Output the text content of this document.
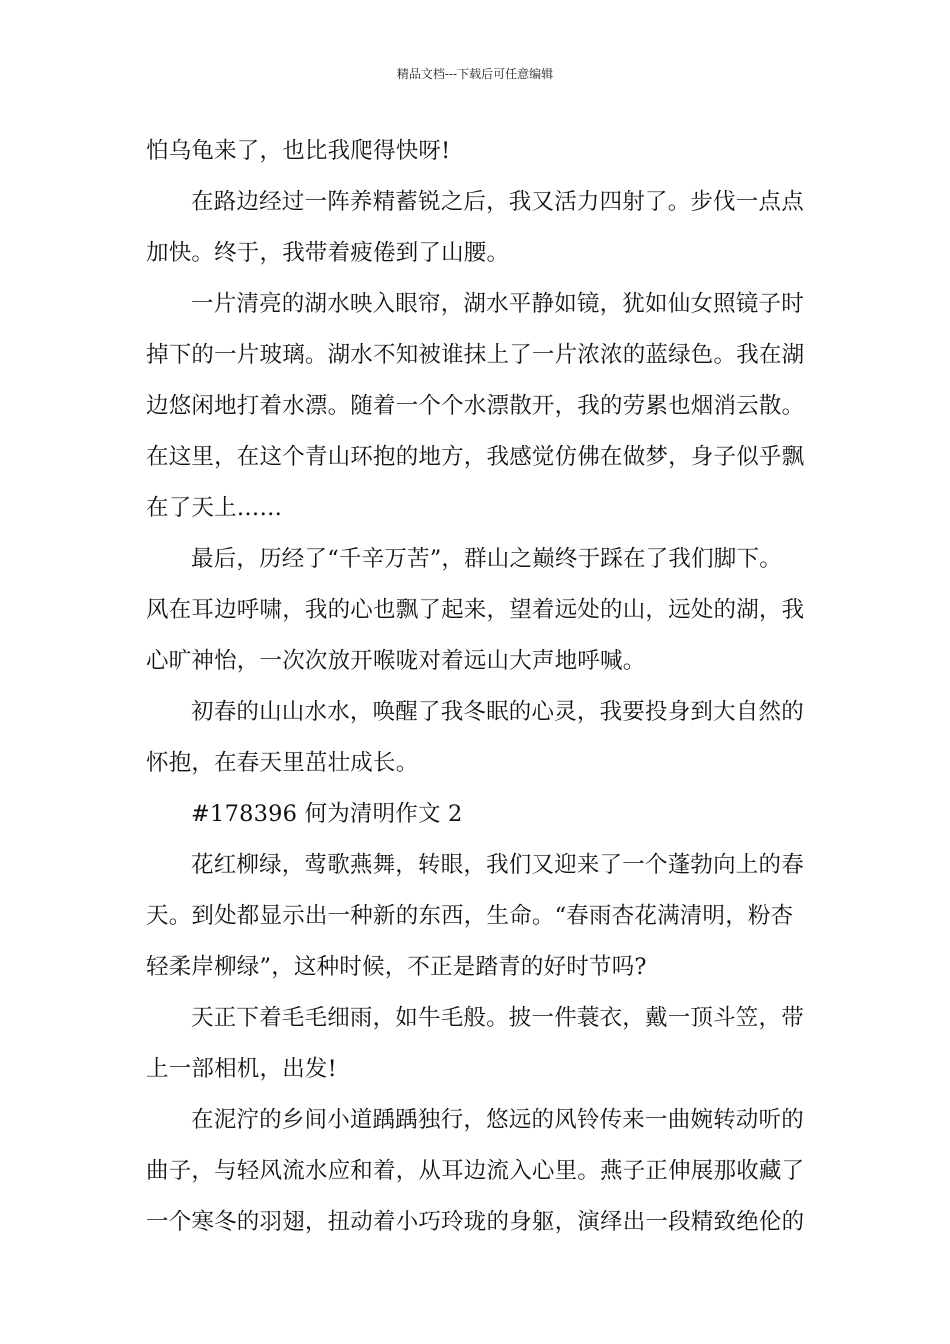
精品文档---下载后可任意编辑
怕乌龟来了，也比我爬得快呀!
在路边经过一阵养精蓄锐之后，我又活力四射了。步伐一点点
加快。终于，我带着疲倦到了山腰。
一片清亮的湖水映入眼帘，湖水平静如镜，犹如仙女照镜子时
掉下的一片玻璃。湖水不知被谁抹上了一片浓浓的蓝绿色。我在湖
边悠闲地打着水漂。随着一个个水漂散开，我的劳累也烟消云散。
在这里，在这个青山环抱的地方，我感觉仿佛在做梦，身子似乎飘
在了天上……
最后，历经了“千辛万苦”，群山之巅终于踩在了我们脚下。
风在耳边呼啸，我的心也飘了起来，望着远处的山，远处的湖，我
心旷神怡，一次次放开喉咙对着远山大声地呼喊。
初春的山山水水，唤醒了我冬眠的心灵，我要投身到大自然的
怀抱，在春天里茁壮成长。
#178396 何为清明作文 2
花红柳绿，莺歌燕舞，转眼，我们又迎来了一个蓬勃向上的春
天。到处都显示出一种新的东西，生命。“春雨杏花满清明，粉杏
轻柔岸柳绿”，这种时候，不正是踏青的好时节吗?
天正下着毛毛细雨，如牛毛般。披一件蓑衣，戴一顶斗笠，带
上一部相机，出发!
在泥泞的乡间小道踽踽独行，悠远的风铃传来一曲婉转动听的
曲子，与轻风流水应和着，从耳边流入心里。燕子正伸展那收藏了
一个寒冬的羽翅，扭动着小巧玲珑的身躯，演绎出一段精致绝伦的
